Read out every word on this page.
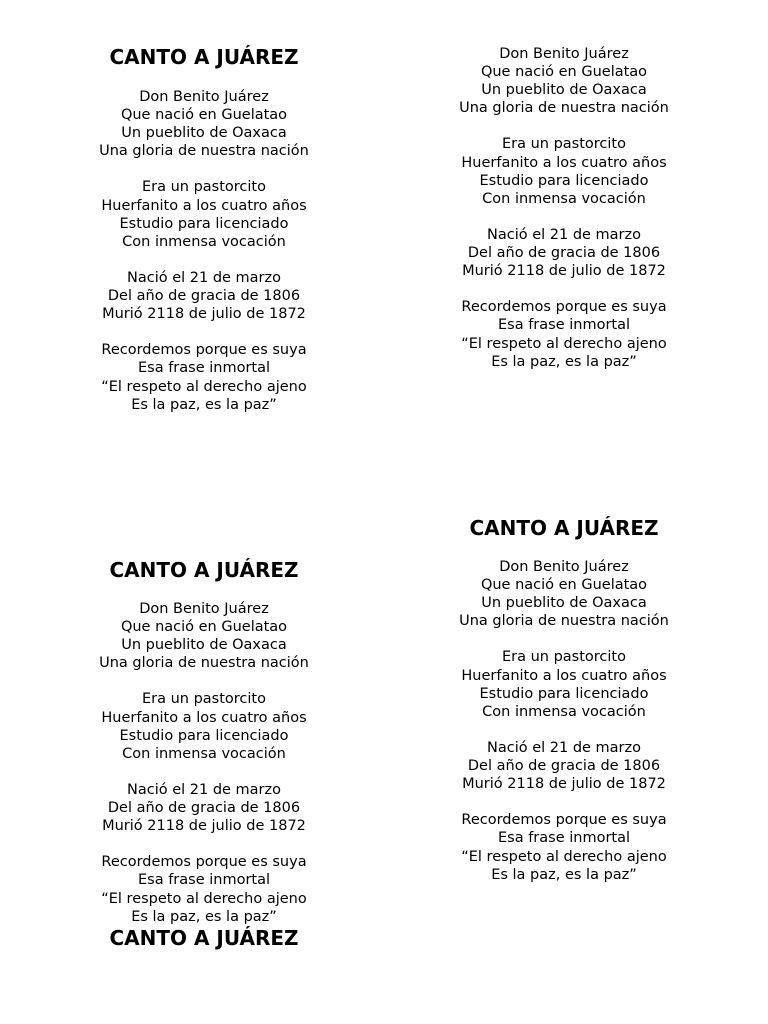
CANTO A JUÁREZ
Don Benito Juárez
Que nació en Guelatao
Un pueblito de Oaxaca
Una gloria de nuestra nación
Era un pastorcito
Huerfanito a los cuatro años
Estudio para licenciado
Con inmensa vocación
Nació el 21 de marzo
Del año de gracia de 1806
Murió 2118 de julio de 1872
Recordemos porque es suya
Esa frase inmortal
“El respeto al derecho ajeno
Es la paz, es la paz”
Don Benito Juárez
Que nació en Guelatao
Un pueblito de Oaxaca
Una gloria de nuestra nación
Era un pastorcito
Huerfanito a los cuatro años
Estudio para licenciado
Con inmensa vocación
Nació el 21 de marzo
Del año de gracia de 1806
Murió 2118 de julio de 1872
Recordemos porque es suya
Esa frase inmortal
“El respeto al derecho ajeno
Es la paz, es la paz”
CANTO A JUÁREZ
Don Benito Juárez
Que nació en Guelatao
Un pueblito de Oaxaca
Una gloria de nuestra nación
Era un pastorcito
Huerfanito a los cuatro años
Estudio para licenciado
Con inmensa vocación
Nació el 21 de marzo
Del año de gracia de 1806
Murió 2118 de julio de 1872
Recordemos porque es suya
Esa frase inmortal
“El respeto al derecho ajeno
Es la paz, es la paz”
CANTO A JUÁREZ
Don Benito Juárez
Que nació en Guelatao
Un pueblito de Oaxaca
Una gloria de nuestra nación
Era un pastorcito
Huerfanito a los cuatro años
Estudio para licenciado
Con inmensa vocación
Nació el 21 de marzo
Del año de gracia de 1806
Murió 2118 de julio de 1872
Recordemos porque es suya
Esa frase inmortal
“El respeto al derecho ajeno
Es la paz, es la paz”
CANTO A JUÁREZ
